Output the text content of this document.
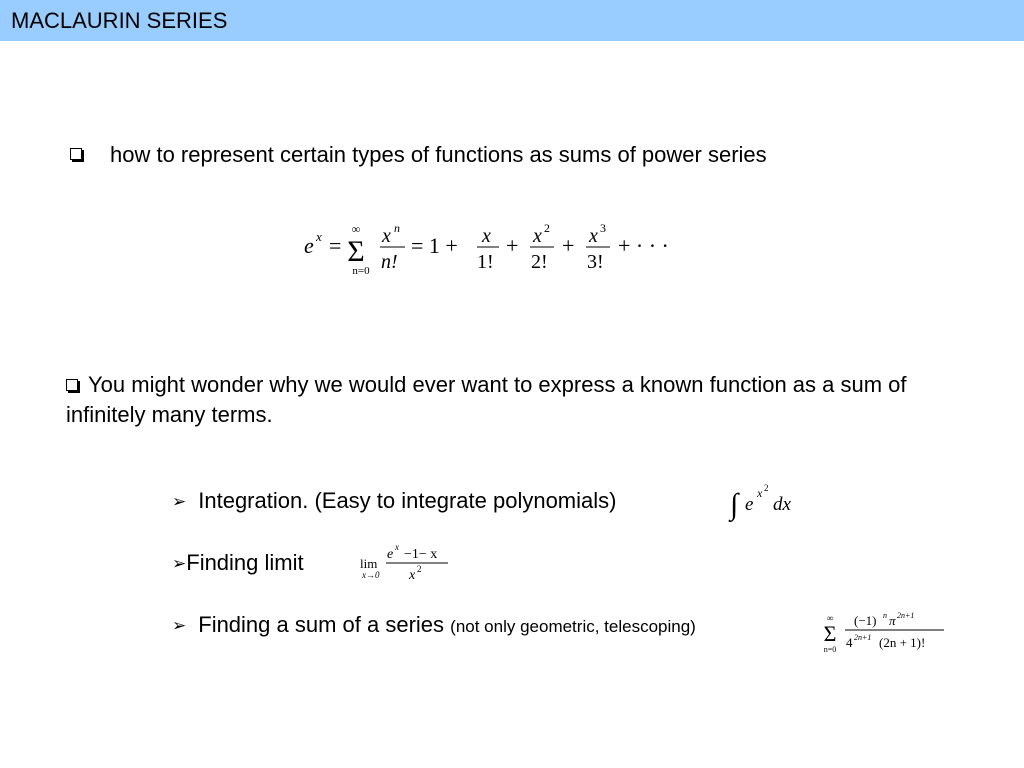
MACLAURIN SERIES
how to represent certain types of functions as sums of power series
e x =
∞
Σ
n=0
x n
n!
= 1 + x
1!
+ x 2
2!
+ x 3
3!
+ · · ·
You might wonder why we would ever want to express a known function as a sum of infinitely many terms.
➢ Integration. (Easy to integrate polynomials)	∫ e
x 2
dx
➢Finding limit	lim
x→0
e x −1− x
x 2
➢ Finding a sum of a series (not only geometric, telescoping)	∞
Σ
n=0
(−1) n π 2n+1
4 2n+1 (2n + 1)!
